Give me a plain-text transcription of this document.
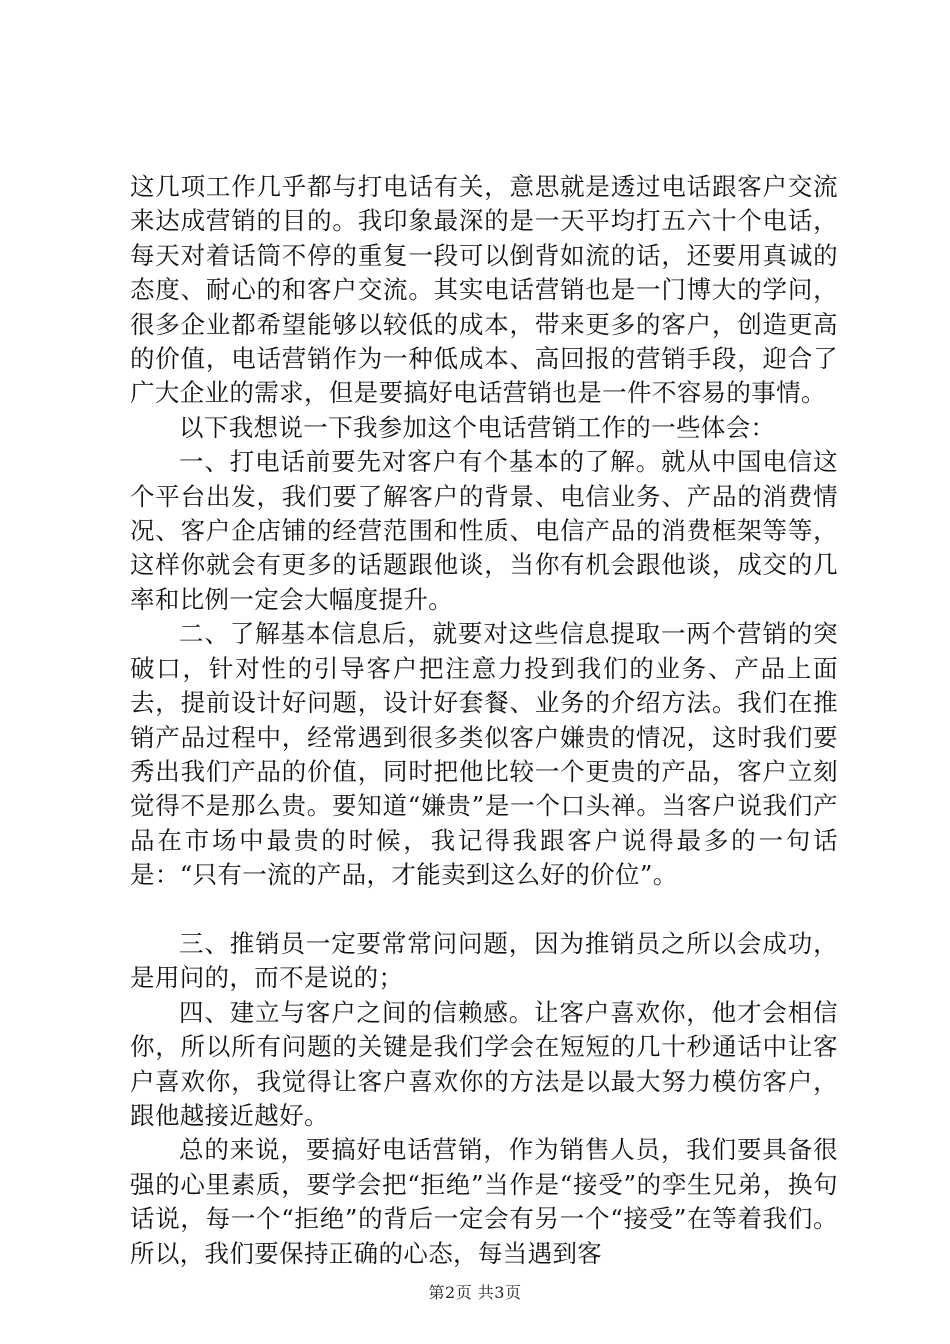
这几项工作几乎都与打电话有关，意思就是透过电话跟客户交流来达成营销的目的。我印象最深的是一天平均打五六十个电话，每天对着话筒不停的重复一段可以倒背如流的话，还要用真诚的态度、耐心的和客户交流。其实电话营销也是一门博大的学问，很多企业都希望能够以较低的成本，带来更多的客户，创造更高的价值，电话营销作为一种低成本、高回报的营销手段，迎合了广大企业的需求，但是要搞好电话营销也是一件不容易的事情。

以下我想说一下我参加这个电话营销工作的一些体会：

一、打电话前要先对客户有个基本的了解。就从中国电信这个平台出发，我们要了解客户的背景、电信业务、产品的消费情况、客户企店铺的经营范围和性质、电信产品的消费框架等等，这样你就会有更多的话题跟他谈，当你有机会跟他谈，成交的几率和比例一定会大幅度提升。

二、了解基本信息后，就要对这些信息提取一两个营销的突破口，针对性的引导客户把注意力投到我们的业务、产品上面去，提前设计好问题，设计好套餐、业务的介绍方法。我们在推销产品过程中，经常遇到很多类似客户嫌贵的情况，这时我们要秀出我们产品的价值，同时把他比较一个更贵的产品，客户立刻觉得不是那么贵。要知道“嫌贵”是一个口头禅。当客户说我们产品在市场中最贵的时候，我记得我跟客户说得最多的一句话是：“只有一流的产品，才能卖到这么好的价位”。

三、推销员一定要常常问问题，因为推销员之所以会成功，是用问的，而不是说的；

四、建立与客户之间的信赖感。让客户喜欢你，他才会相信你，所以所有问题的关键是我们学会在短短的几十秒通话中让客户喜欢你，我觉得让客户喜欢你的方法是以最大努力模仿客户，跟他越接近越好。

总的来说，要搞好电话营销，作为销售人员，我们要具备很强的心里素质，要学会把“拒绝”当作是“接受”的孪生兄弟，换句话说，每一个“拒绝”的背后一定会有另一个“接受”在等着我们。所以，我们要保持正确的心态，每当遇到客

第2页 共3页
